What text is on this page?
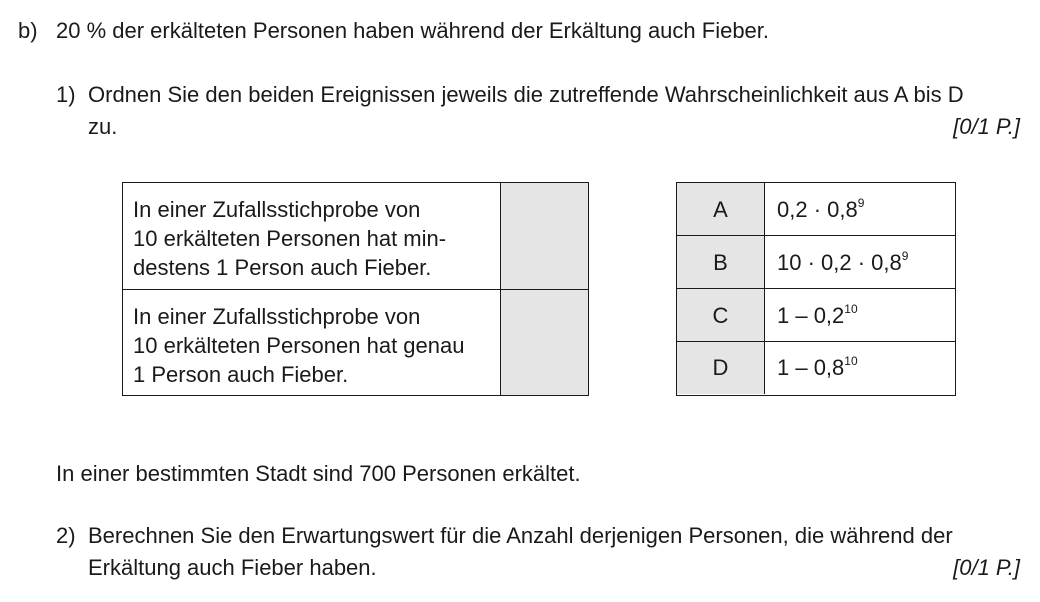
b) 20 % der erkälteten Personen haben während der Erkältung auch Fieber.
1) Ordnen Sie den beiden Ereignissen jeweils die zutreffende Wahrscheinlichkeit aus A bis D
zu.	[0/1 P.]
In einer Zufallsstichprobe von
10 erkälteten Personen hat min-
destens 1 Person auch Fieber.
In einer Zufallsstichprobe von
10 erkälteten Personen hat genau
1 Person auch Fieber.
A	$0,2 \cdot 0,8^9$
B	$10 \cdot 0,2 \cdot 0,8^9$
C	$1 - 0,2^{10}$
D	$1 - 0,8^{10}$
In einer bestimmten Stadt sind 700 Personen erkältet.
2) Berechnen Sie den Erwartungswert für die Anzahl derjenigen Personen, die während der
Erkältung auch Fieber haben.	[0/1 P.]
